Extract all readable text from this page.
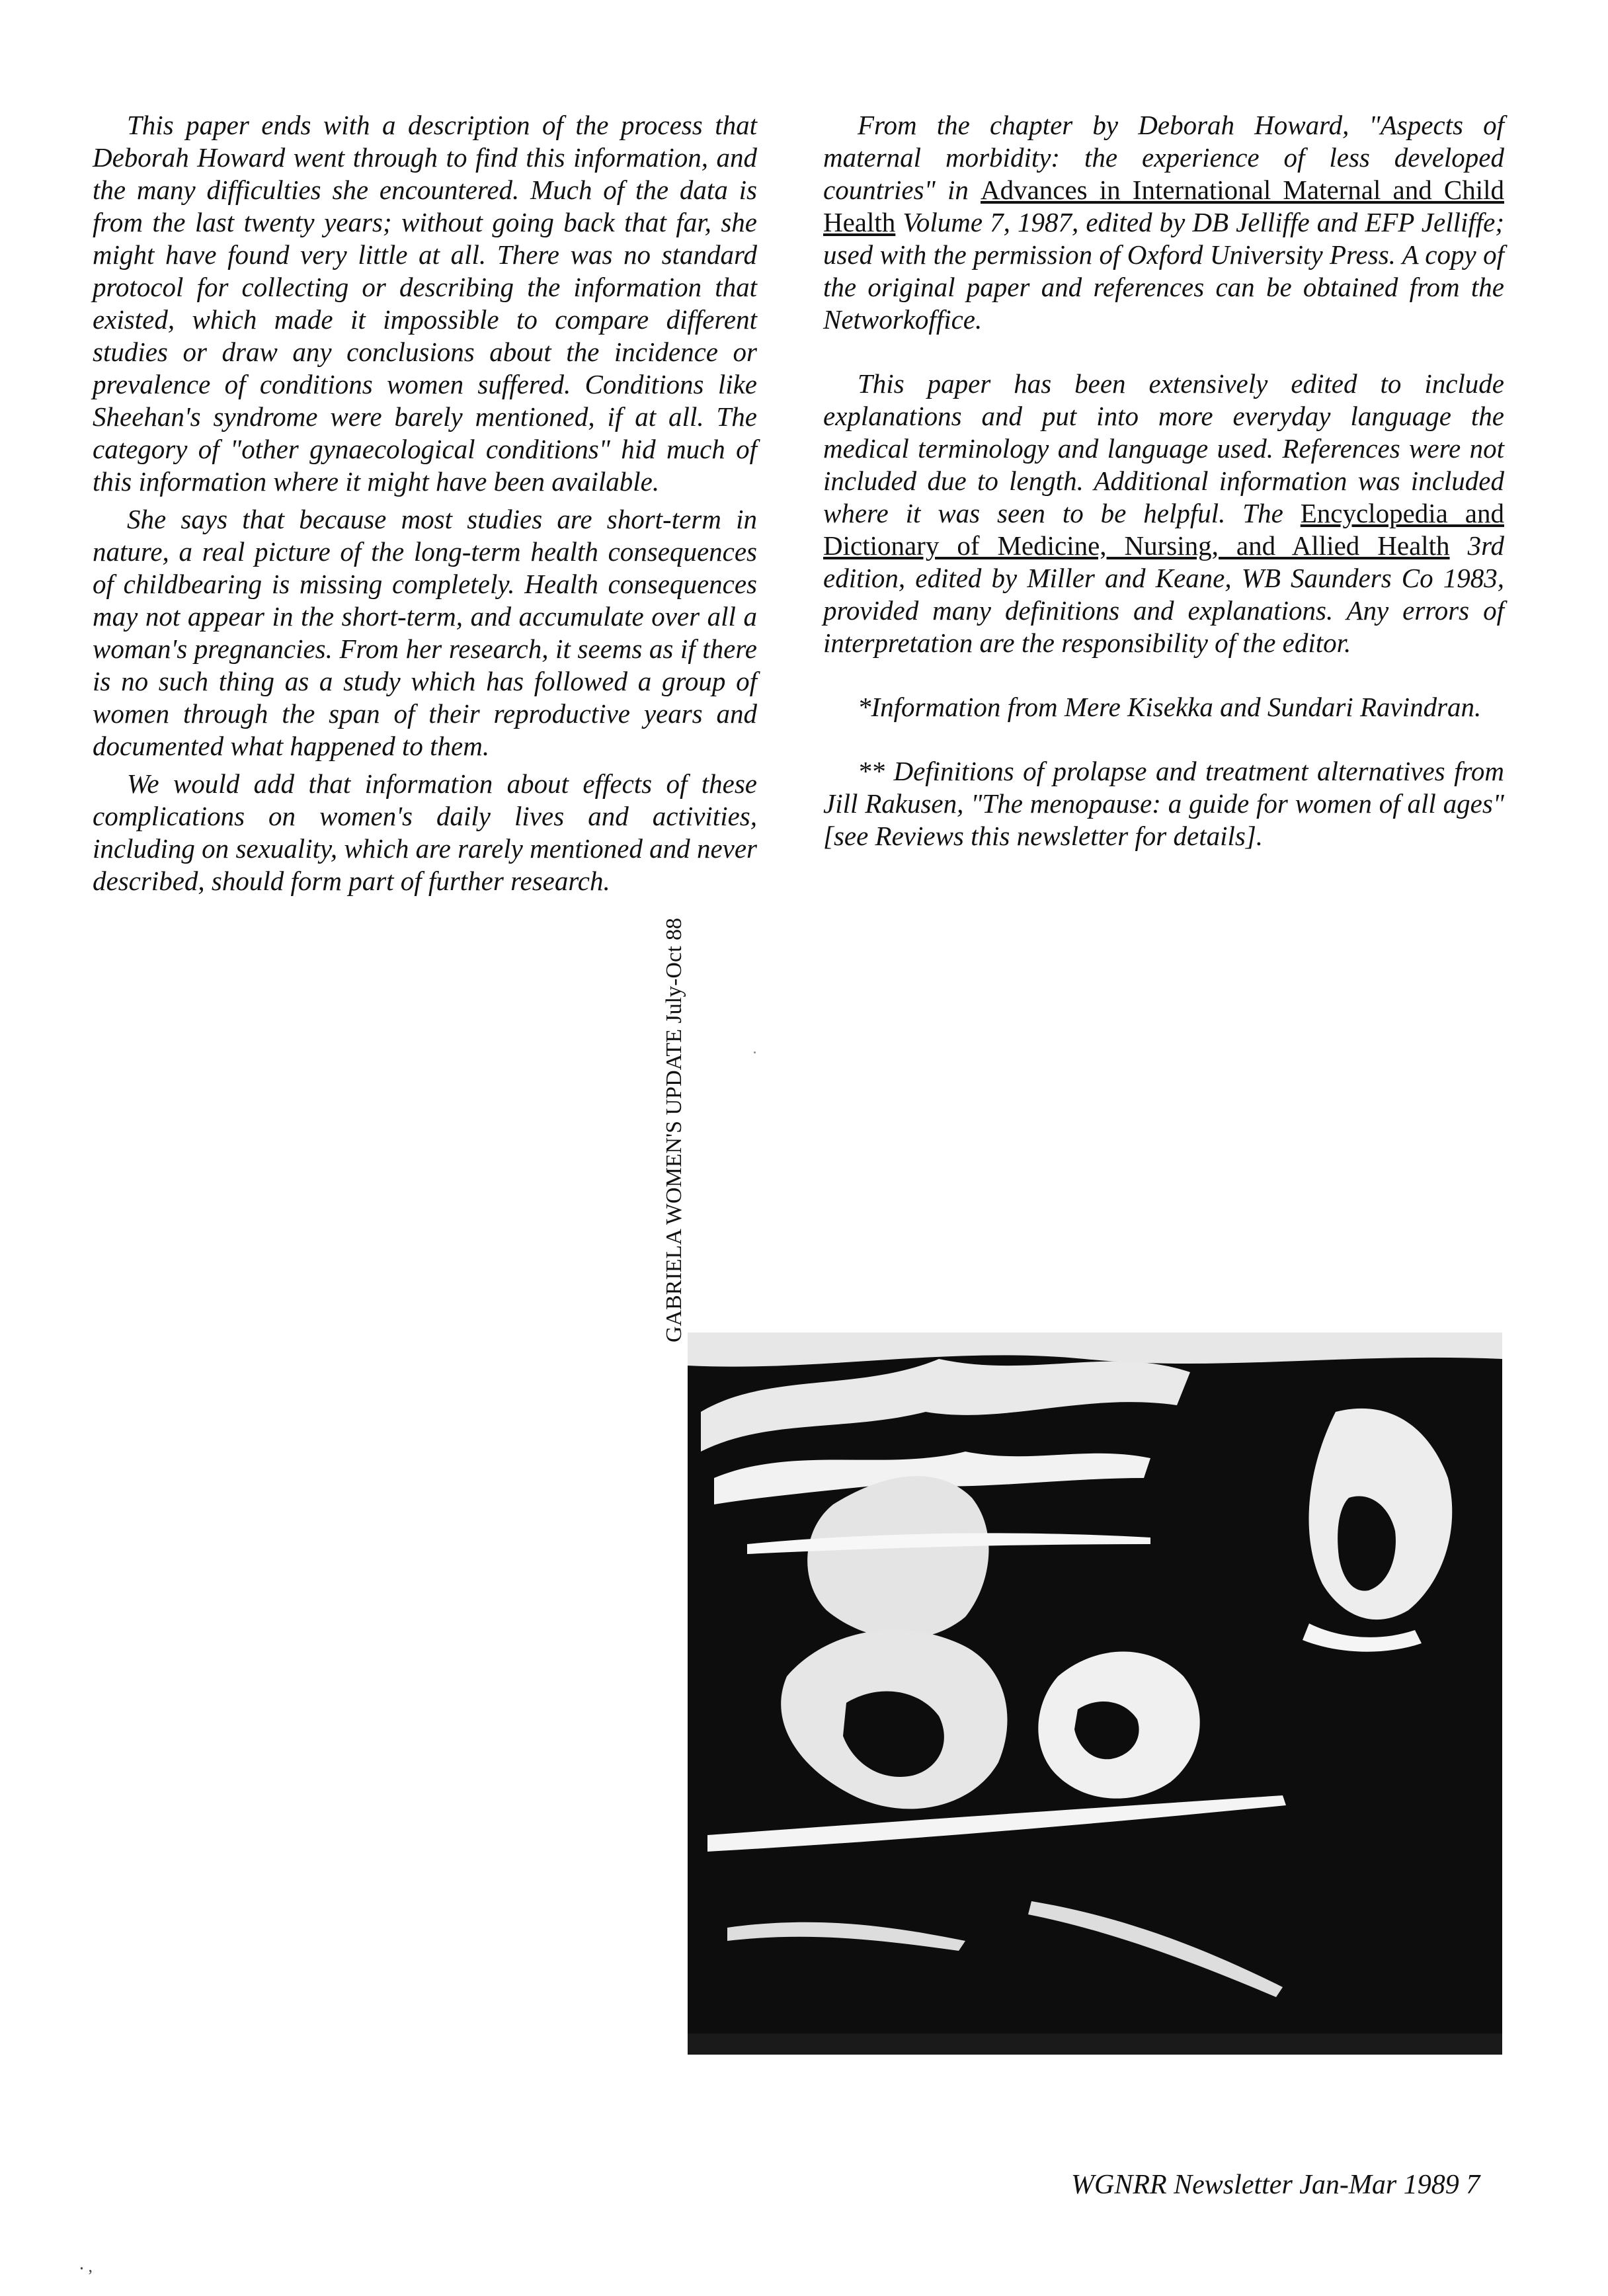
This paper ends with a description of the process that Deborah Howard went through to find this information, and the many difficulties she encountered. Much of the data is from the last twenty years; without going back that far, she might have found very little at all. There was no standard protocol for collecting or describing the information that existed, which made it impossible to compare different studies or draw any conclusions about the incidence or prevalence of conditions women suffered. Conditions like Sheehan's syndrome were barely mentioned, if at all. The category of "other gynaecological conditions" hid much of this information where it might have been available.

She says that because most studies are short-term in nature, a real picture of the long-term health consequences of childbearing is missing completely. Health consequences may not appear in the short-term, and accumulate over all a woman's pregnancies. From her research, it seems as if there is no such thing as a study which has followed a group of women through the span of their reproductive years and documented what happened to them.

We would add that information about effects of these complications on women's daily lives and activities, including on sexuality, which are rarely mentioned and never described, should form part of further research.

From the chapter by Deborah Howard, "Aspects of maternal morbidity: the experience of less developed countries" in Advances in International Maternal and Child Health Volume 7, 1987, edited by DB Jelliffe and EFP Jelliffe; used with the permission of Oxford University Press. A copy of the original paper and references can be obtained from the Networkoffice.

This paper has been extensively edited to include explanations and put into more everyday language the medical terminology and language used. References were not included due to length. Additional information was included where it was seen to be helpful. The Encyclopedia and Dictionary of Medicine, Nursing, and Allied Health 3rd edition, edited by Miller and Keane, WB Saunders Co 1983, provided many definitions and explanations. Any errors of interpretation are the responsibility of the editor.

*Information from Mere Kisekka and Sundari Ravindran.

** Definitions of prolapse and treatment alternatives from Jill Rakusen, "The menopause: a guide for women of all ages" [see Reviews this newsletter for details].

GABRIELA WOMEN'S UPDATE July-Oct 88
WGNRR Newsletter Jan-Mar 1989 7
⸳ ,
